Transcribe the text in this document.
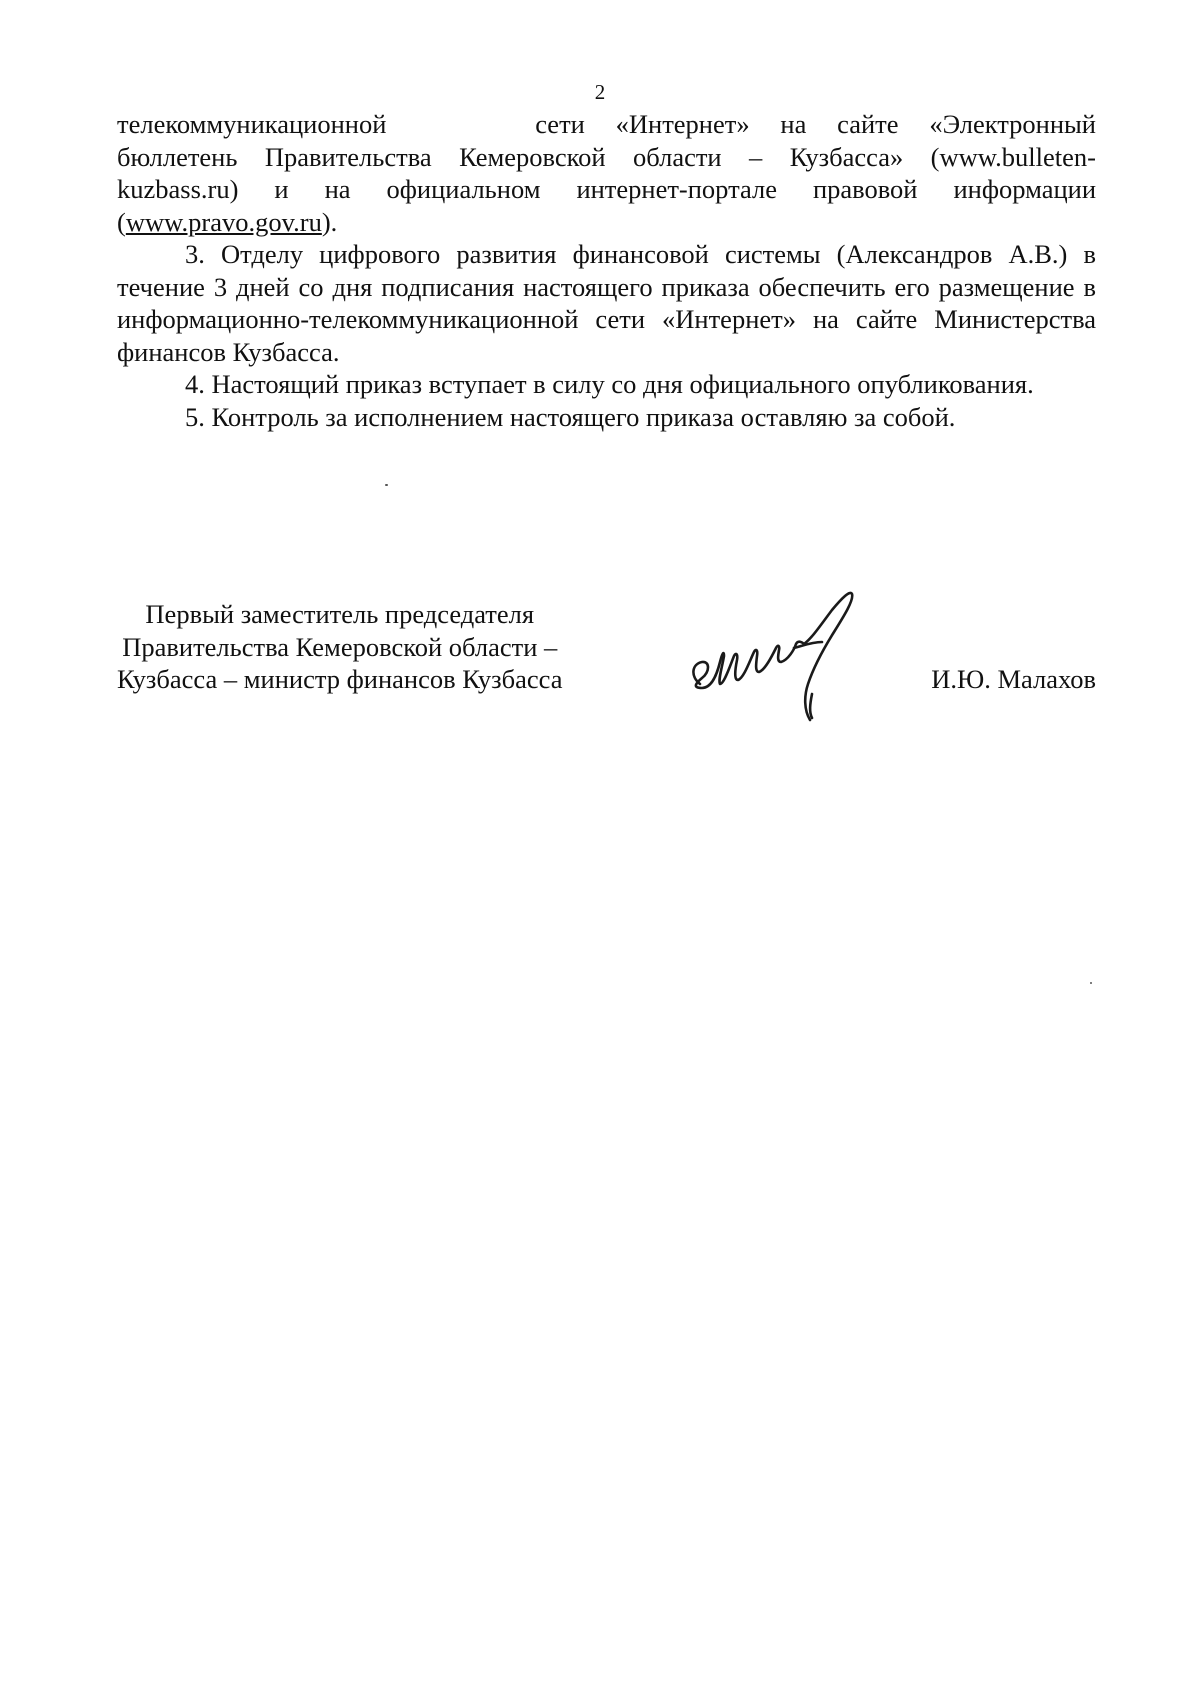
2

телекоммуникационной	сети «Интернет» на сайте «Электронный
бюллетень Правительства Кемеровской области – Кузбасса» (www.bulleten-
kuzbass.ru) и на официальном интернет-портале правовой информации
(www.pravo.gov.ru).

3. Отделу цифрового развития финансовой системы (Александров А.В.) в течение 3 дней со дня подписания настоящего приказа обеспечить его размещение в информационно-телекоммуникационной сети «Интернет» на сайте Министерства финансов Кузбасса.

4. Настоящий приказ вступает в силу со дня официального опубликования.

5. Контроль за исполнением настоящего приказа оставляю за собой.

Первый заместитель председателя
Правительства Кемеровской области –
Кузбасса – министр финансов Кузбасса	И.Ю. Малахов
